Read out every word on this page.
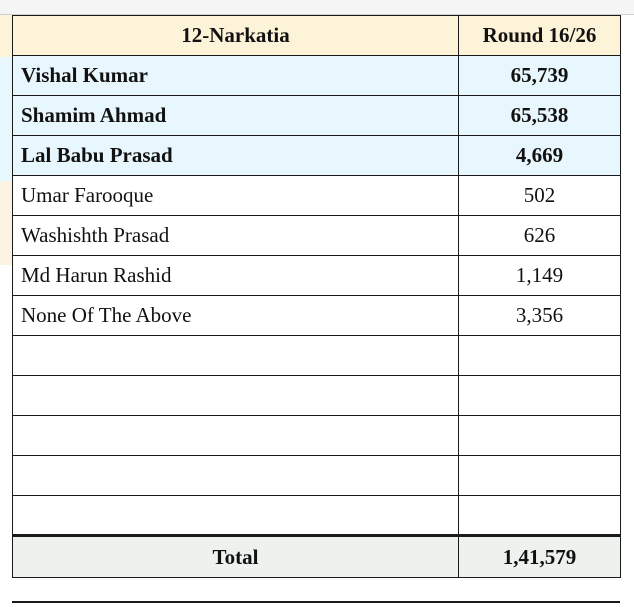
12-Narkatia	Round 16/26
Vishal Kumar	65,739
Shamim Ahmad	65,538
Lal Babu Prasad	4,669
Umar Farooque	502
Washishth Prasad	626
Md Harun Rashid	1,149
None Of The Above	3,356

Total	1,41,579
